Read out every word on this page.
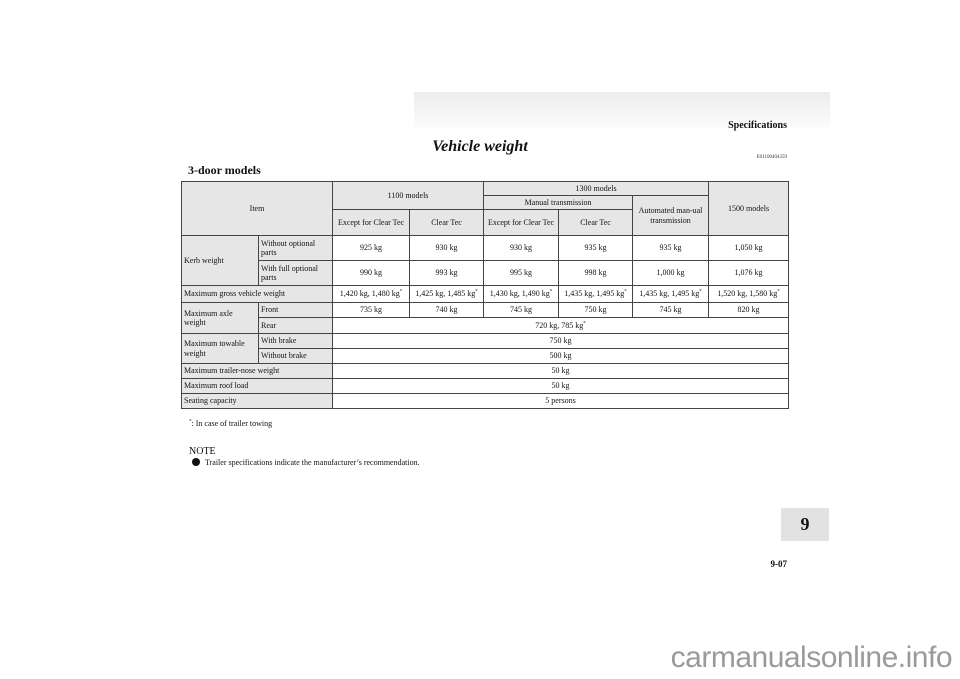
Specifications
Vehicle weight
E01100404359
3-door models
Item		1100 models		1300 models			1500 models
				Manual transmission		Automated man-ual transmission	
		Except for Clear Tec	Clear Tec	Except for Clear Tec	Clear Tec		
Kerb weight	Without optional parts	925 kg	930 kg	930 kg	935 kg	935 kg	1,050 kg
	With full optional parts	990 kg	993 kg	995 kg	998 kg	1,000 kg	1,076 kg
Maximum gross vehicle weight		1,420 kg, 1,480 kg*	1,425 kg, 1,485 kg*	1,430 kg, 1,490 kg*	1,435 kg, 1,495 kg*	1,435 kg, 1,495 kg*	1,520 kg, 1,580 kg*
Maximum axle weight	Front	735 kg	740 kg	745 kg	750 kg	745 kg	820 kg
	Rear	720 kg, 785 kg*
Maximum towable weight	With brake	750 kg					
	Without brake	500 kg					
Maximum trailer-nose weight		50 kg					
Maximum roof load		50 kg					
Seating capacity		5 persons					
*: In case of trailer towing
NOTE
Trailer specifications indicate the manufacturer’s recommendation.
9
9-07
carmanualsonline.info
